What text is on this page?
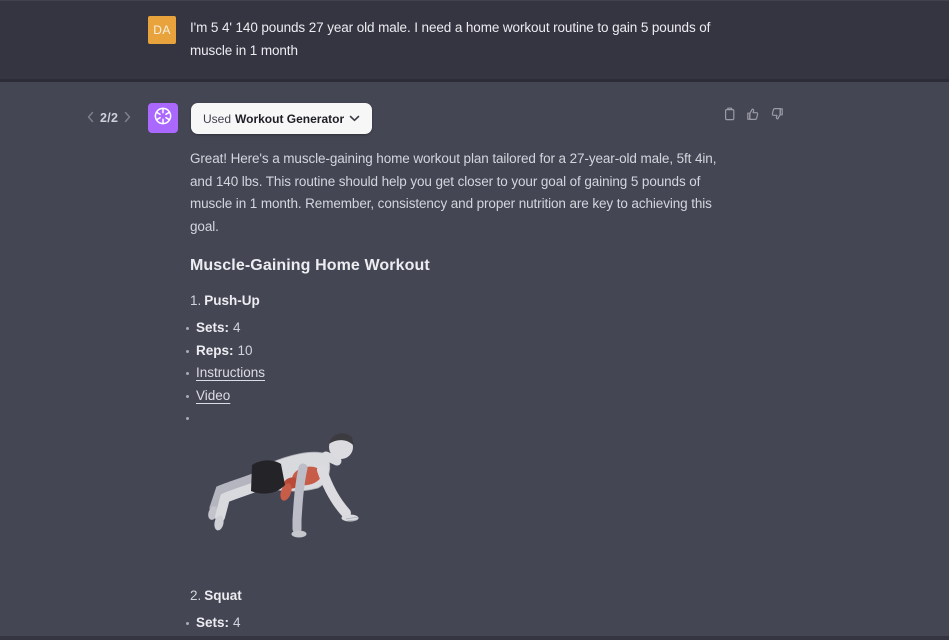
DA I'm 5 4' 140 pounds 27 year old male. I need a home workout routine to gain 5 pounds of muscle in 1 month
2/2	Used Workout Generator
Great! Here's a muscle-gaining home workout plan tailored for a 27-year-old male, 5ft 4in, and 140 lbs. This routine should help you get closer to your goal of gaining 5 pounds of muscle in 1 month. Remember, consistency and proper nutrition are key to achieving this goal.
Muscle-Gaining Home Workout
1. Push-Up
Sets: 4
Reps: 10
Instructions
Video
2. Squat
Sets: 4
